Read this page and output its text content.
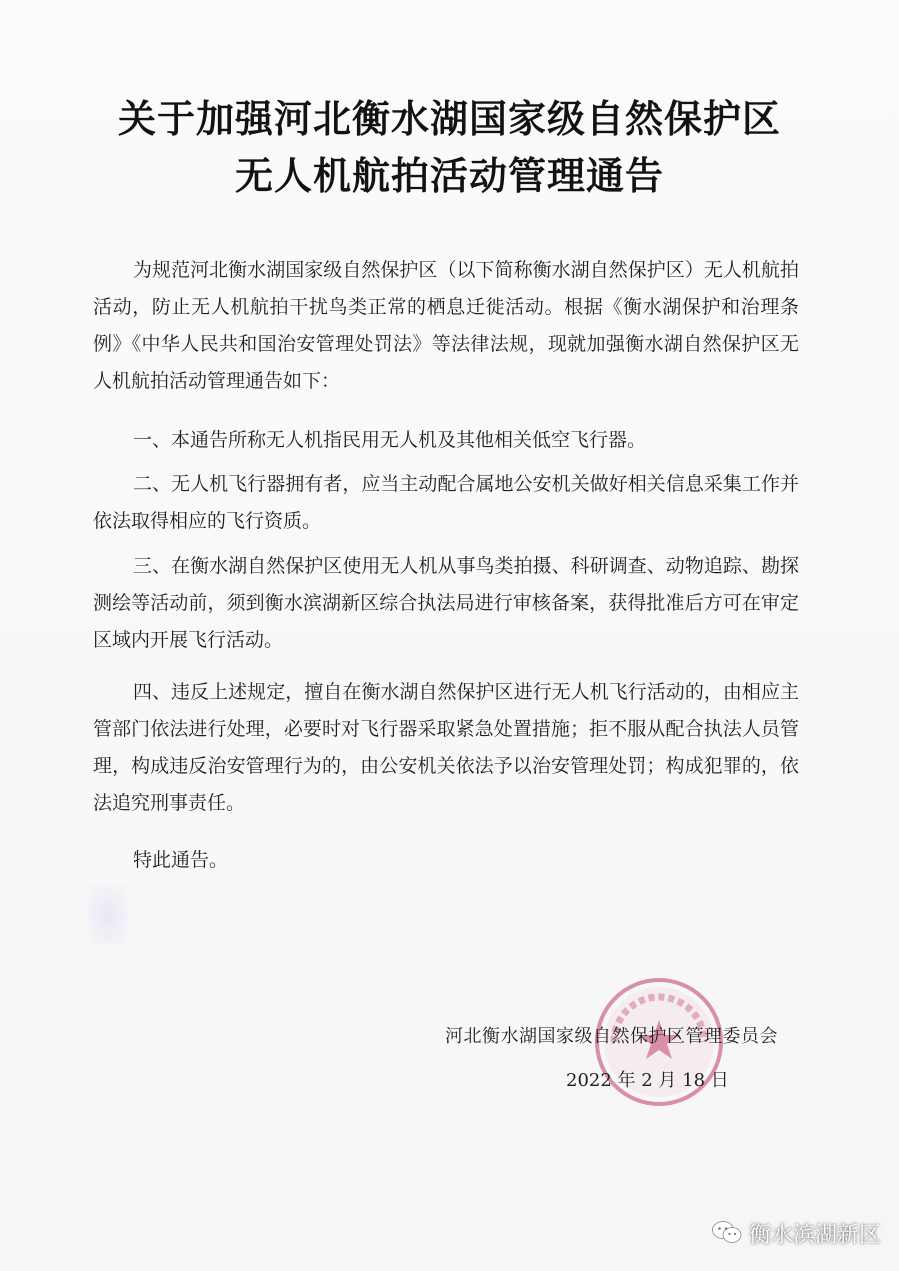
关于加强河北衡水湖国家级自然保护区
无人机航拍活动管理通告

为规范河北衡水湖国家级自然保护区（以下简称衡水湖自然保护区）无人机航拍活动，防止无人机航拍干扰鸟类正常的栖息迁徙活动。根据《衡水湖保护和治理条例》《中华人民共和国治安管理处罚法》等法律法规，现就加强衡水湖自然保护区无人机航拍活动管理通告如下：

一、本通告所称无人机指民用无人机及其他相关低空飞行器。

二、无人机飞行器拥有者，应当主动配合属地公安机关做好相关信息采集工作并依法取得相应的飞行资质。

三、在衡水湖自然保护区使用无人机从事鸟类拍摄、科研调查、动物追踪、勘探测绘等活动前，须到衡水滨湖新区综合执法局进行审核备案，获得批准后方可在审定区域内开展飞行活动。

四、违反上述规定，擅自在衡水湖自然保护区进行无人机飞行活动的，由相应主管部门依法进行处理，必要时对飞行器采取紧急处置措施；拒不服从配合执法人员管理，构成违反治安管理行为的，由公安机关依法予以治安管理处罚；构成犯罪的，依法追究刑事责任。

特此通告。

河北衡水湖国家级自然保护区管理委员会
2022 年 2 月 18 日
衡水滨湖新区
